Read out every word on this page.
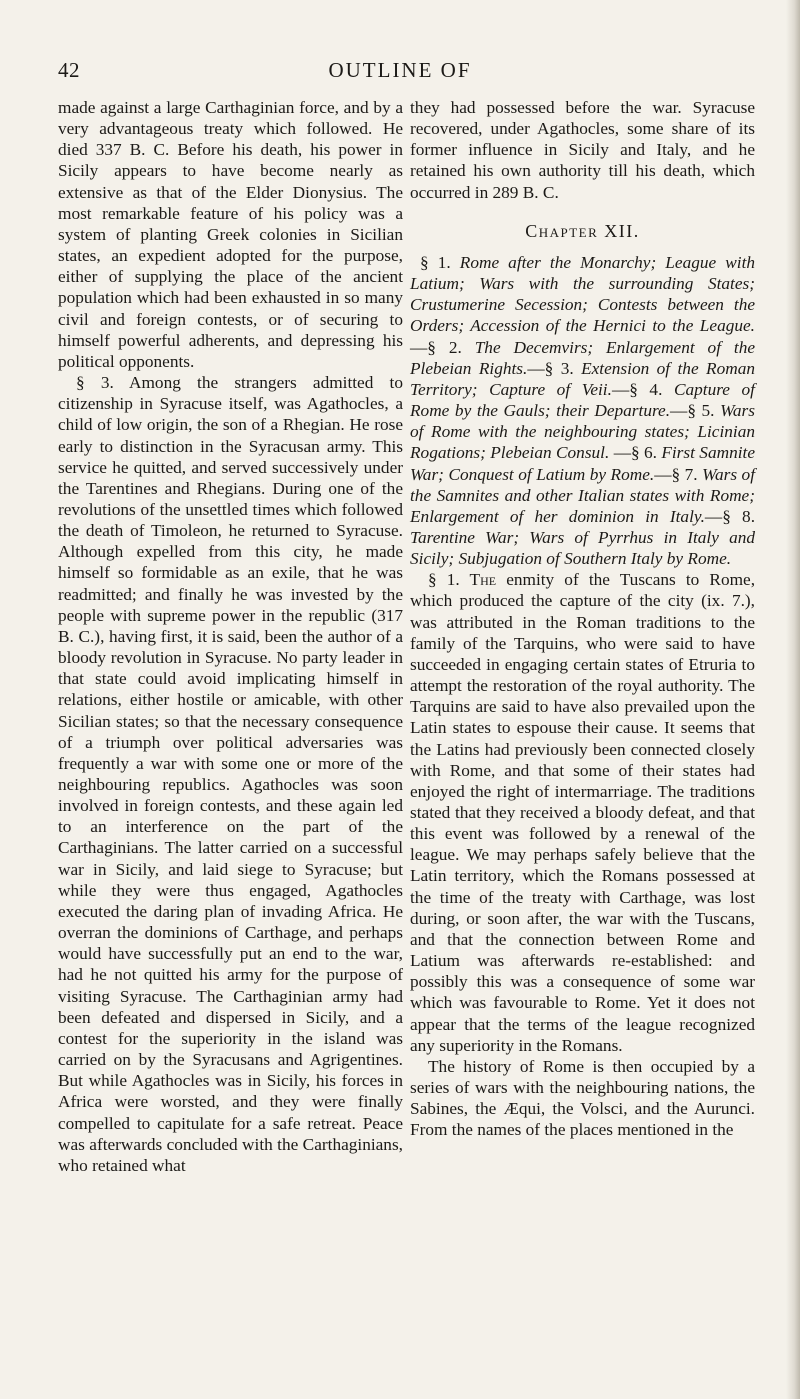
42	OUTLINE OF

made against a large Carthaginian force, and by a very advantageous treaty which followed. He died 337 B. C. Before his death, his power in Sicily appears to have become nearly as extensive as that of the Elder Dionysius. The most remarkable feature of his policy was a system of planting Greek colonies in Sicilian states, an expedient adopted for the purpose, either of supplying the place of the ancient population which had been exhausted in so many civil and foreign contests, or of securing to himself powerful adherents, and depressing his political opponents.

§ 3. Among the strangers admitted to citizenship in Syracuse itself, was Agathocles, a child of low origin, the son of a Rhegian. He rose early to distinction in the Syracusan army. This service he quitted, and served successively under the Tarentines and Rhegians. During one of the revolutions of the unsettled times which followed the death of Timoleon, he returned to Syracuse. Although expelled from this city, he made himself so formidable as an exile, that he was readmitted; and finally he was invested by the people with supreme power in the republic (317 B. C.), having first, it is said, been the author of a bloody revolution in Syracuse. No party leader in that state could avoid implicating himself in relations, either hostile or amicable, with other Sicilian states; so that the necessary consequence of a triumph over political adversaries was frequently a war with some one or more of the neighbouring republics. Agathocles was soon involved in foreign contests, and these again led to an interference on the part of the Carthaginians. The latter carried on a successful war in Sicily, and laid siege to Syracuse; but while they were thus engaged, Agathocles executed the daring plan of invading Africa. He overran the dominions of Carthage, and perhaps would have successfully put an end to the war, had he not quitted his army for the purpose of visiting Syracuse. The Carthaginian army had been defeated and dispersed in Sicily, and a contest for the superiority in the island was carried on by the Syracusans and Agrigentines. But while Agathocles was in Sicily, his forces in Africa were worsted, and they were finally compelled to capitulate for a safe retreat. Peace was afterwards concluded with the Carthaginians, who retained what

they had possessed before the war. Syracuse recovered, under Agathocles, some share of its former influence in Sicily and Italy, and he retained his own authority till his death, which occurred in 289 B. C.

Chapter XII.

§ 1. Rome after the Monarchy; League with Latium; Wars with the surrounding States; Crustumerine Secession; Contests between the Orders; Accession of the Hernici to the League. —§ 2. The Decemvirs; Enlargement of the Plebeian Rights.—§ 3. Extension of the Roman Territory; Capture of Veii.—§ 4. Capture of Rome by the Gauls; their Departure.—§ 5. Wars of Rome with the neighbouring states; Licinian Rogations; Plebeian Consul. —§ 6. First Samnite War; Conquest of Latium by Rome.—§ 7. Wars of the Samnites and other Italian states with Rome; Enlargement of her dominion in Italy.—§ 8. Tarentine War; Wars of Pyrrhus in Italy and Sicily; Subjugation of Southern Italy by Rome.

§ 1. The enmity of the Tuscans to Rome, which produced the capture of the city (ix. 7.), was attributed in the Roman traditions to the family of the Tarquins, who were said to have succeeded in engaging certain states of Etruria to attempt the restoration of the royal authority. The Tarquins are said to have also prevailed upon the Latin states to espouse their cause. It seems that the Latins had previously been connected closely with Rome, and that some of their states had enjoyed the right of intermarriage. The traditions stated that they received a bloody defeat, and that this event was followed by a renewal of the league. We may perhaps safely believe that the Latin territory, which the Romans possessed at the time of the treaty with Carthage, was lost during, or soon after, the war with the Tuscans, and that the connection between Rome and Latium was afterwards re-established: and possibly this was a consequence of some war which was favourable to Rome. Yet it does not appear that the terms of the league recognized any superiority in the Romans.

The history of Rome is then occupied by a series of wars with the neighbouring nations, the Sabines, the Æqui, the Volsci, and the Aurunci. From the names of the places mentioned in the
